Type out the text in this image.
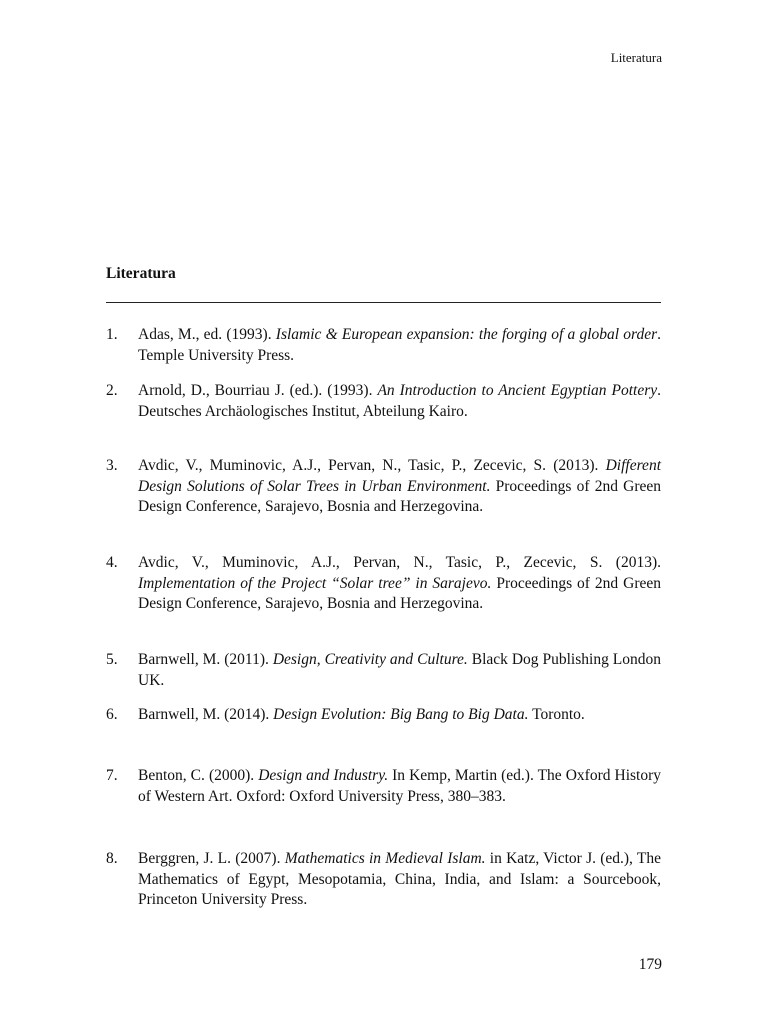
Literatura
Literatura
1. Adas, M., ed. (1993). Islamic & European expansion: the forging of a global order. Temple University Press.
2. Arnold, D., Bourriau J. (ed.). (1993). An Introduction to Ancient Egyptian Pottery. Deutsches Archäologisches Institut, Abteilung Kairo.
3. Avdic, V., Muminovic, A.J., Pervan, N., Tasic, P., Zecevic, S. (2013). Different Design Solutions of Solar Trees in Urban Environment. Proceedings of 2nd Green Design Conference, Sarajevo, Bosnia and Herzegovina.
4. Avdic, V., Muminovic, A.J., Pervan, N., Tasic, P., Zecevic, S. (2013). Implementation of the Project “Solar tree” in Sarajevo. Proceedings of 2nd Green Design Conference, Sarajevo, Bosnia and Herzegovina.
5. Barnwell, M. (2011). Design, Creativity and Culture. Black Dog Publishing London UK.
6. Barnwell, M. (2014). Design Evolution: Big Bang to Big Data. Toronto.
7. Benton, C. (2000). Design and Industry. In Kemp, Martin (ed.). The Oxford History of Western Art. Oxford: Oxford University Press, 380–383.
8. Berggren, J. L. (2007). Mathematics in Medieval Islam. in Katz, Victor J. (ed.), The Mathematics of Egypt, Mesopotamia, China, India, and Islam: a Sourcebook, Princeton University Press.
179
